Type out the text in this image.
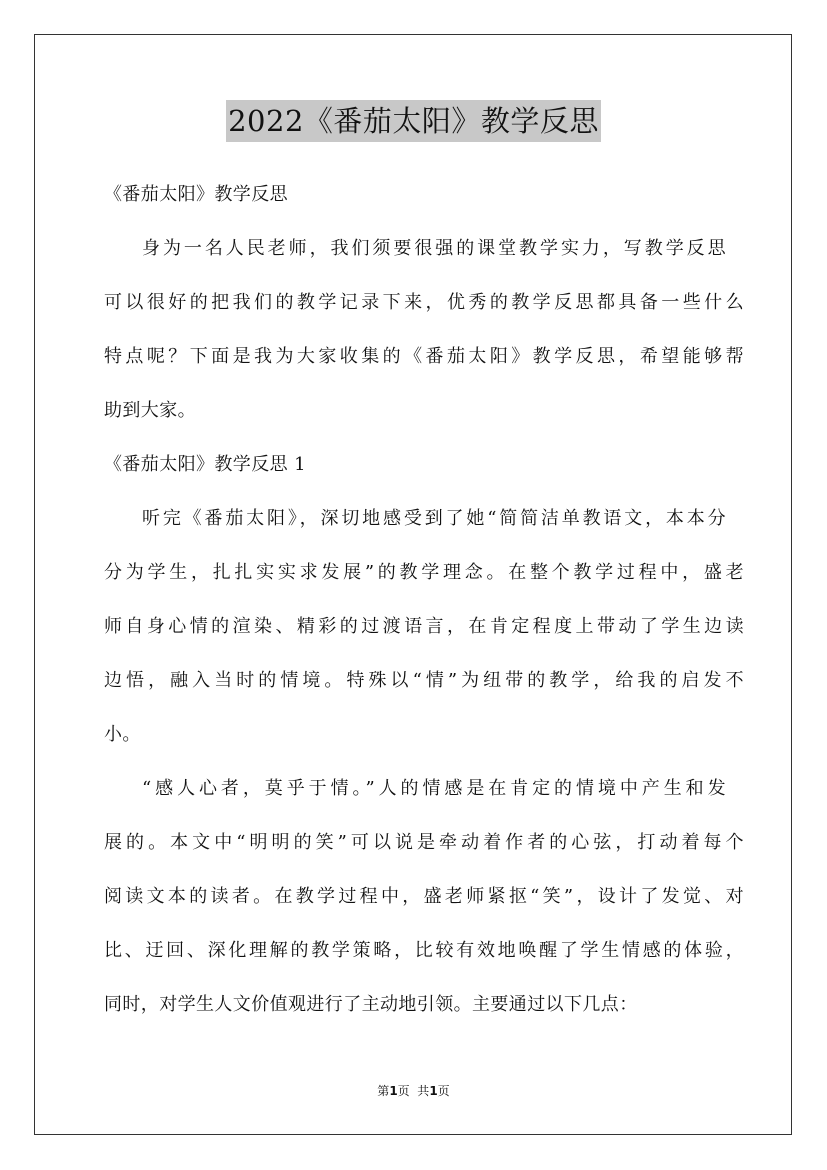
2022《番茄太阳》教学反思
《番茄太阳》教学反思
身为一名人民老师，我们须要很强的课堂教学实力，写教学反思
可以很好的把我们的教学记录下来，优秀的教学反思都具备一些什么
特点呢？下面是我为大家收集的《番茄太阳》教学反思，希望能够帮
助到大家。
《番茄太阳》教学反思 1
听完《番茄太阳》，深切地感受到了她“简简洁单教语文，本本分
分为学生，扎扎实实求发展”的教学理念。在整个教学过程中，盛老
师自身心情的渲染、精彩的过渡语言，在肯定程度上带动了学生边读
边悟，融入当时的情境。特殊以“情”为纽带的教学，给我的启发不
小。
“感人心者，莫乎于情。”人的情感是在肯定的情境中产生和发
展的。本文中“明明的笑”可以说是牵动着作者的心弦，打动着每个
阅读文本的读者。在教学过程中，盛老师紧抠“笑”，设计了发觉、对
比、迂回、深化理解的教学策略，比较有效地唤醒了学生情感的体验，
同时，对学生人文价值观进行了主动地引领。主要通过以下几点：
第1页  共1页
